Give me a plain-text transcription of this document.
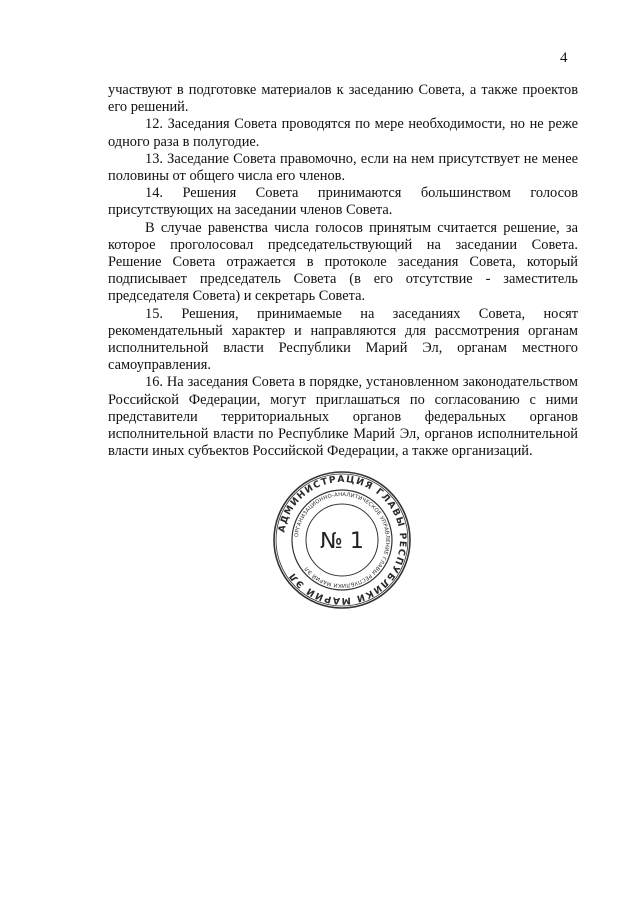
4

участвуют в подготовке материалов к заседанию Совета, а также проектов его решений.

12. Заседания Совета проводятся по мере необходимости, но не реже одного раза в полугодие.

13. Заседание Совета правомочно, если на нем присутствует не менее половины от общего числа его членов.

14. Решения Совета принимаются большинством голосов присутствующих на заседании членов Совета.

В случае равенства числа голосов принятым считается решение, за которое проголосовал председательствующий на заседании Совета. Решение Совета отражается в протоколе заседания Совета, который подписывает председатель Совета (в его отсутствие - заместитель председателя Совета) и секретарь Совета.

15. Решения, принимаемые на заседаниях Совета, носят рекомендательный характер и направляются для рассмотрения органам исполнительной власти Республики Марий Эл, органам местного самоуправления.

16. На заседания Совета в порядке, установленном законодательством Российской Федерации, могут приглашаться по согласованию с ними представители территориальных органов федеральных органов исполнительной власти по Республике Марий Эл, органов исполнительной власти иных субъектов Российской Федерации, а также организаций.

АДМИНИСТРАЦИЯ ГЛАВЫ РЕСПУБЛИКИ МАРИЙ ЭЛ
ОРГАНИЗАЦИОННО-АНАЛИТИЧЕСКОЕ УПРАВЛЕНИЕ ГЛАВЫ РЕСПУБЛИКИ МАРИЙ ЭЛ
№ 1
